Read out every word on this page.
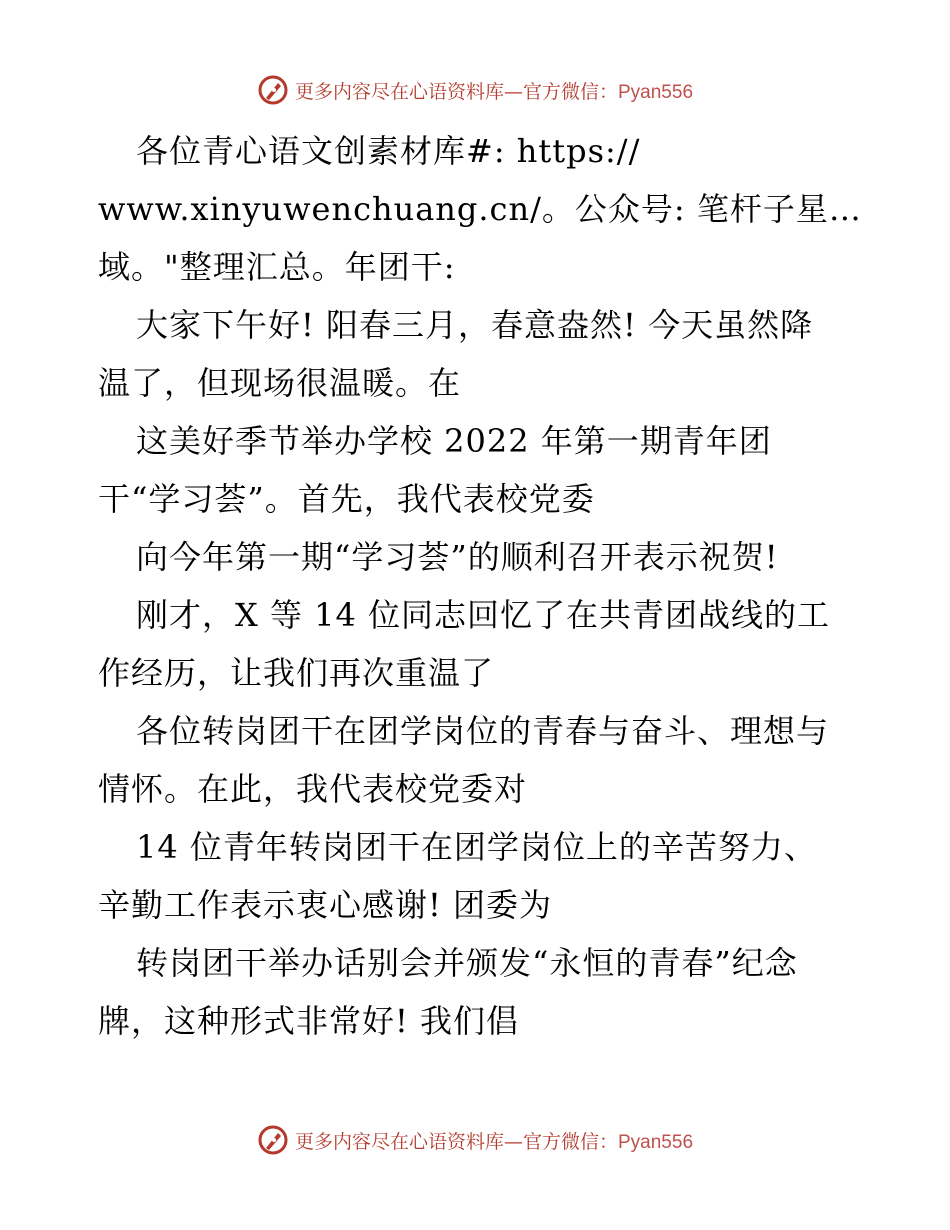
更多内容尽在心语资料库—官方微信：Pyan556
各位青心语文创素材库#: https://
www.xinyuwenchuang.cn/。公众号: 笔杆子星…
域。"整理汇总。年团干:
大家下午好! 阳春三月，春意盎然! 今天虽然降
温了，但现场很温暖。在
这美好季节举办学校 2022 年第一期青年团
干“学习荟”。首先，我代表校党委
向今年第一期“学习荟”的顺利召开表示祝贺!
刚才，X 等 14 位同志回忆了在共青团战线的工
作经历，让我们再次重温了
各位转岗团干在团学岗位的青春与奋斗、理想与
情怀。在此，我代表校党委对
14 位青年转岗团干在团学岗位上的辛苦努力、
辛勤工作表示衷心感谢! 团委为
转岗团干举办话别会并颁发“永恒的青春”纪念
牌，这种形式非常好! 我们倡
更多内容尽在心语资料库—官方微信：Pyan556
